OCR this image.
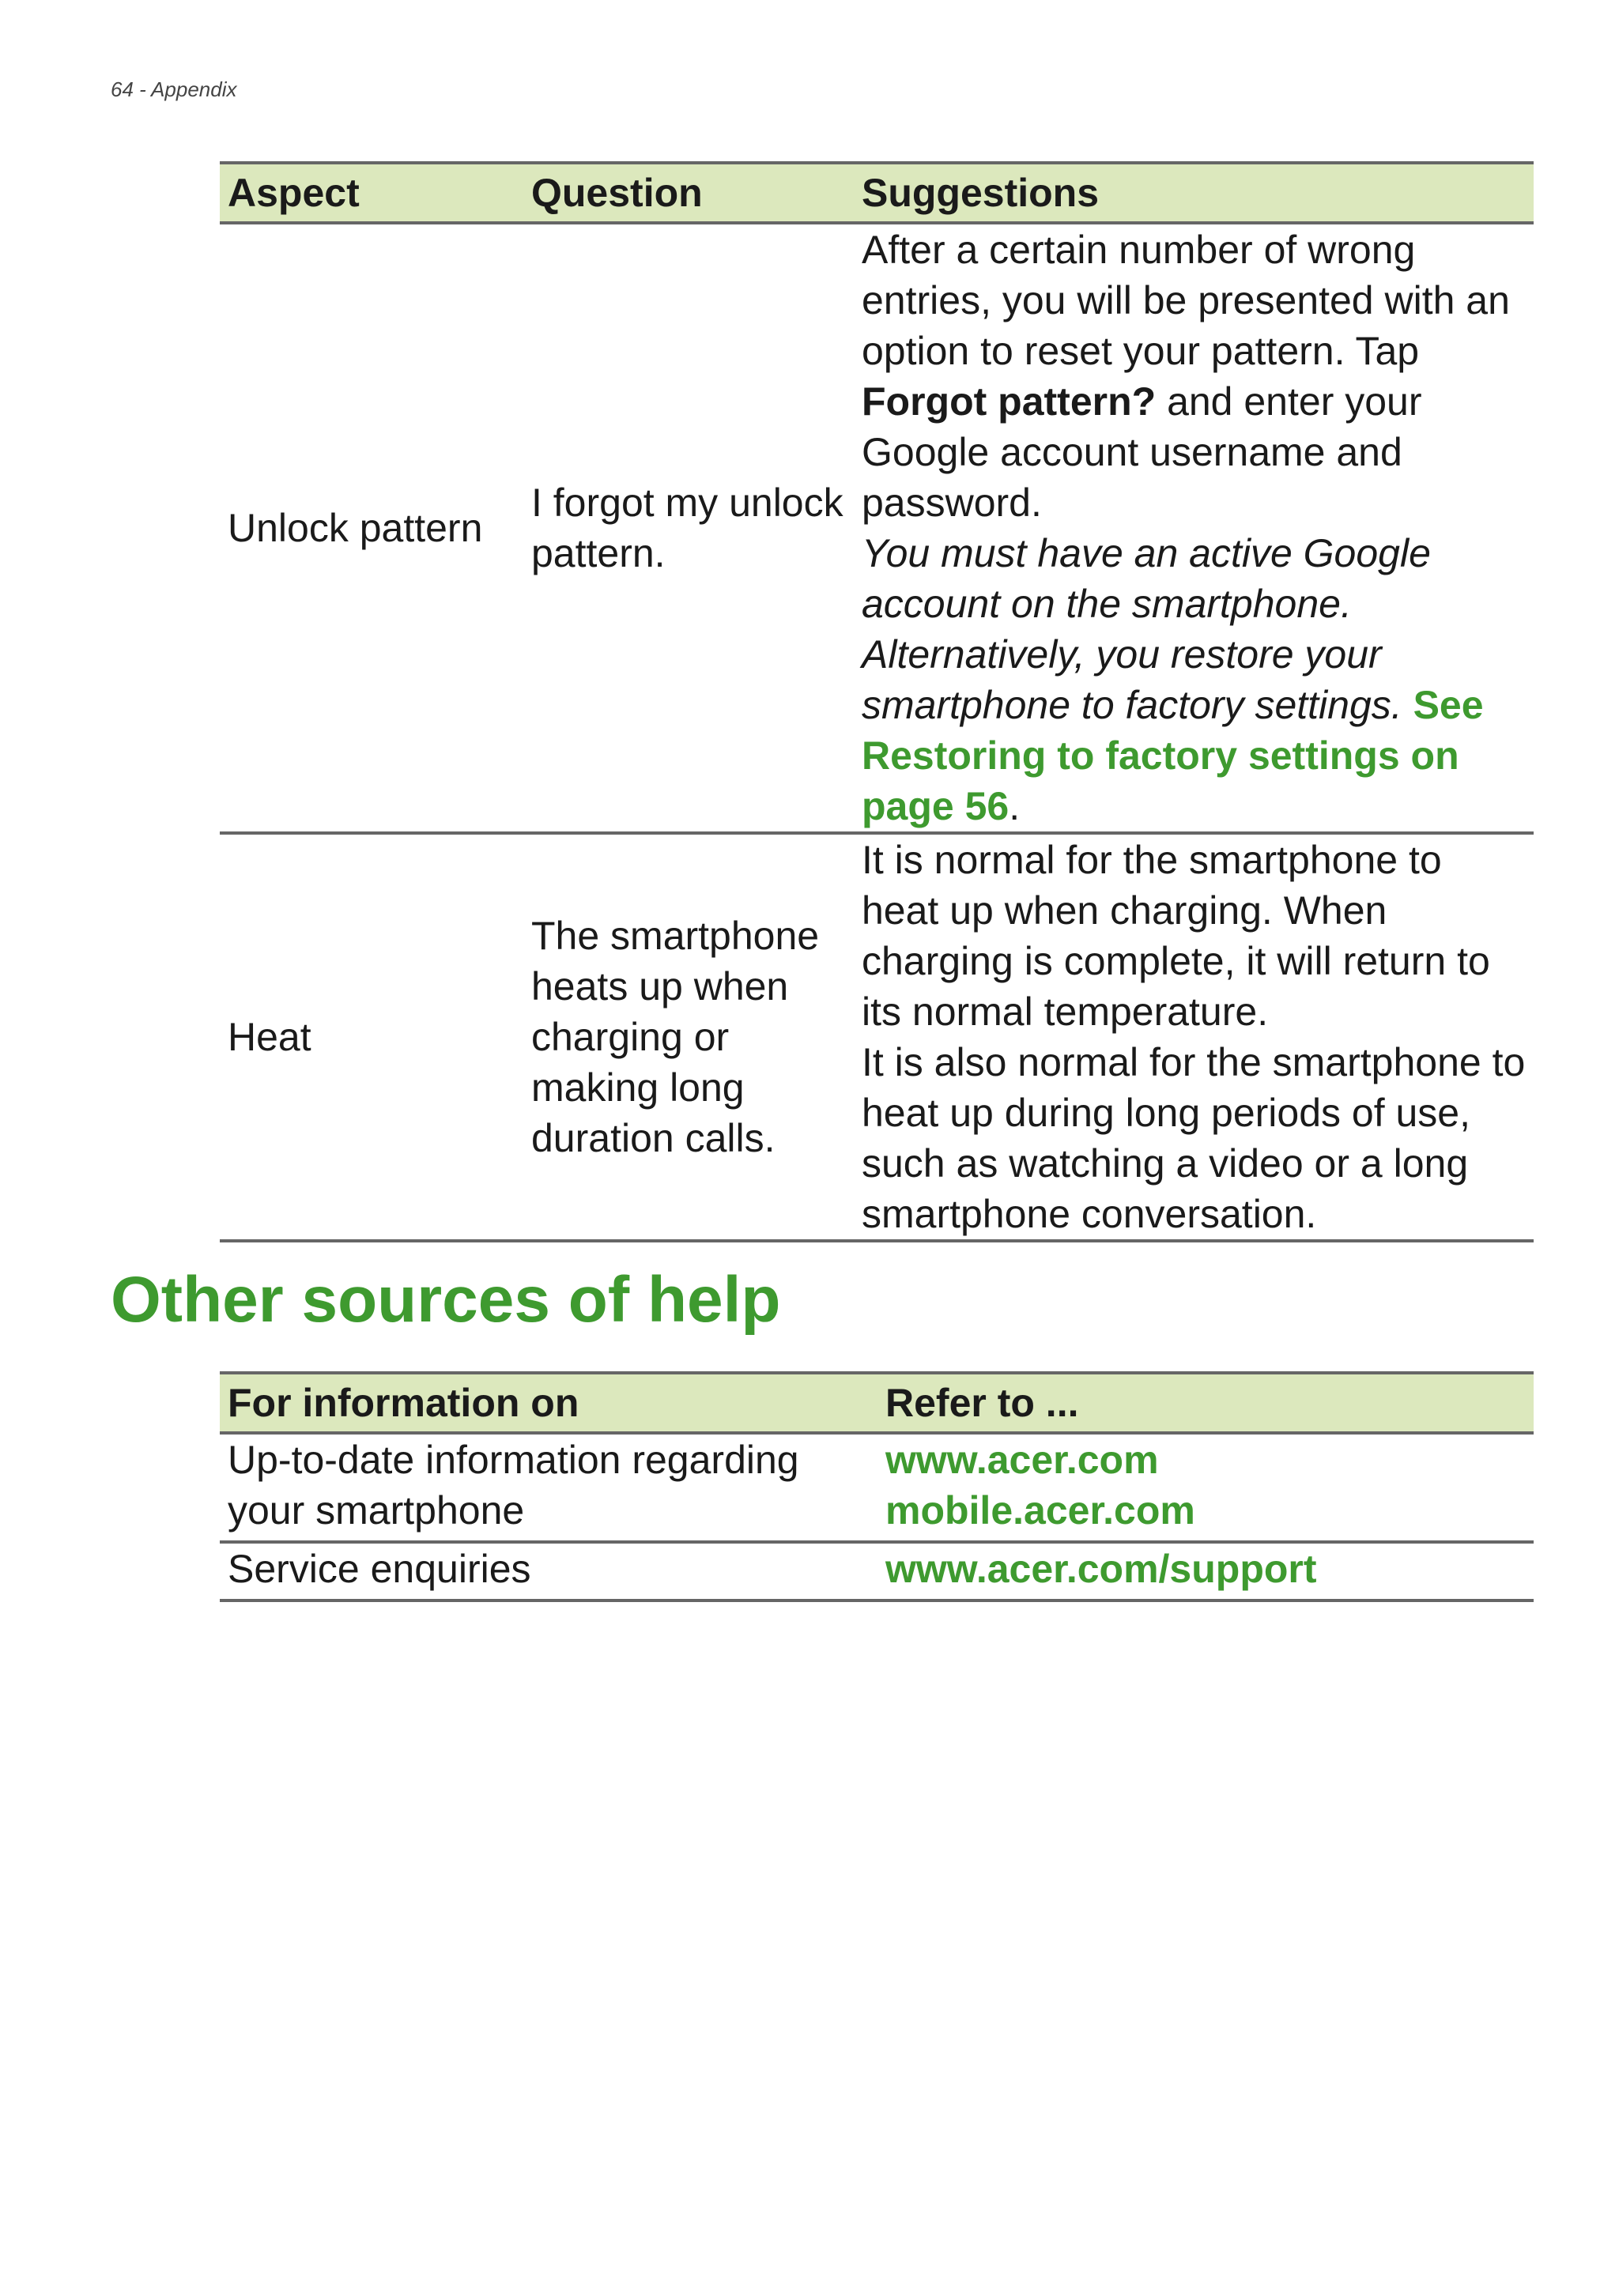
64 - Appendix
Aspect	Question	Suggestions
Unlock pattern	I forgot my unlock pattern.	After a certain number of wrong entries, you will be presented with an option to reset your pattern. Tap Forgot pattern? and enter your Google account username and password.
You must have an active Google account on the smartphone.
Alternatively, you restore your smartphone to factory settings. See Restoring to factory settings on page 56.
Heat	The smartphone heats up when charging or making long duration calls.	It is normal for the smartphone to heat up when charging. When charging is complete, it will return to its normal temperature.
It is also normal for the smartphone to heat up during long periods of use, such as watching a video or a long smartphone conversation.
Other sources of help
For information on	Refer to ...
Up-to-date information regarding your smartphone	www.acer.com
mobile.acer.com

Service enquiries	www.acer.com/support
